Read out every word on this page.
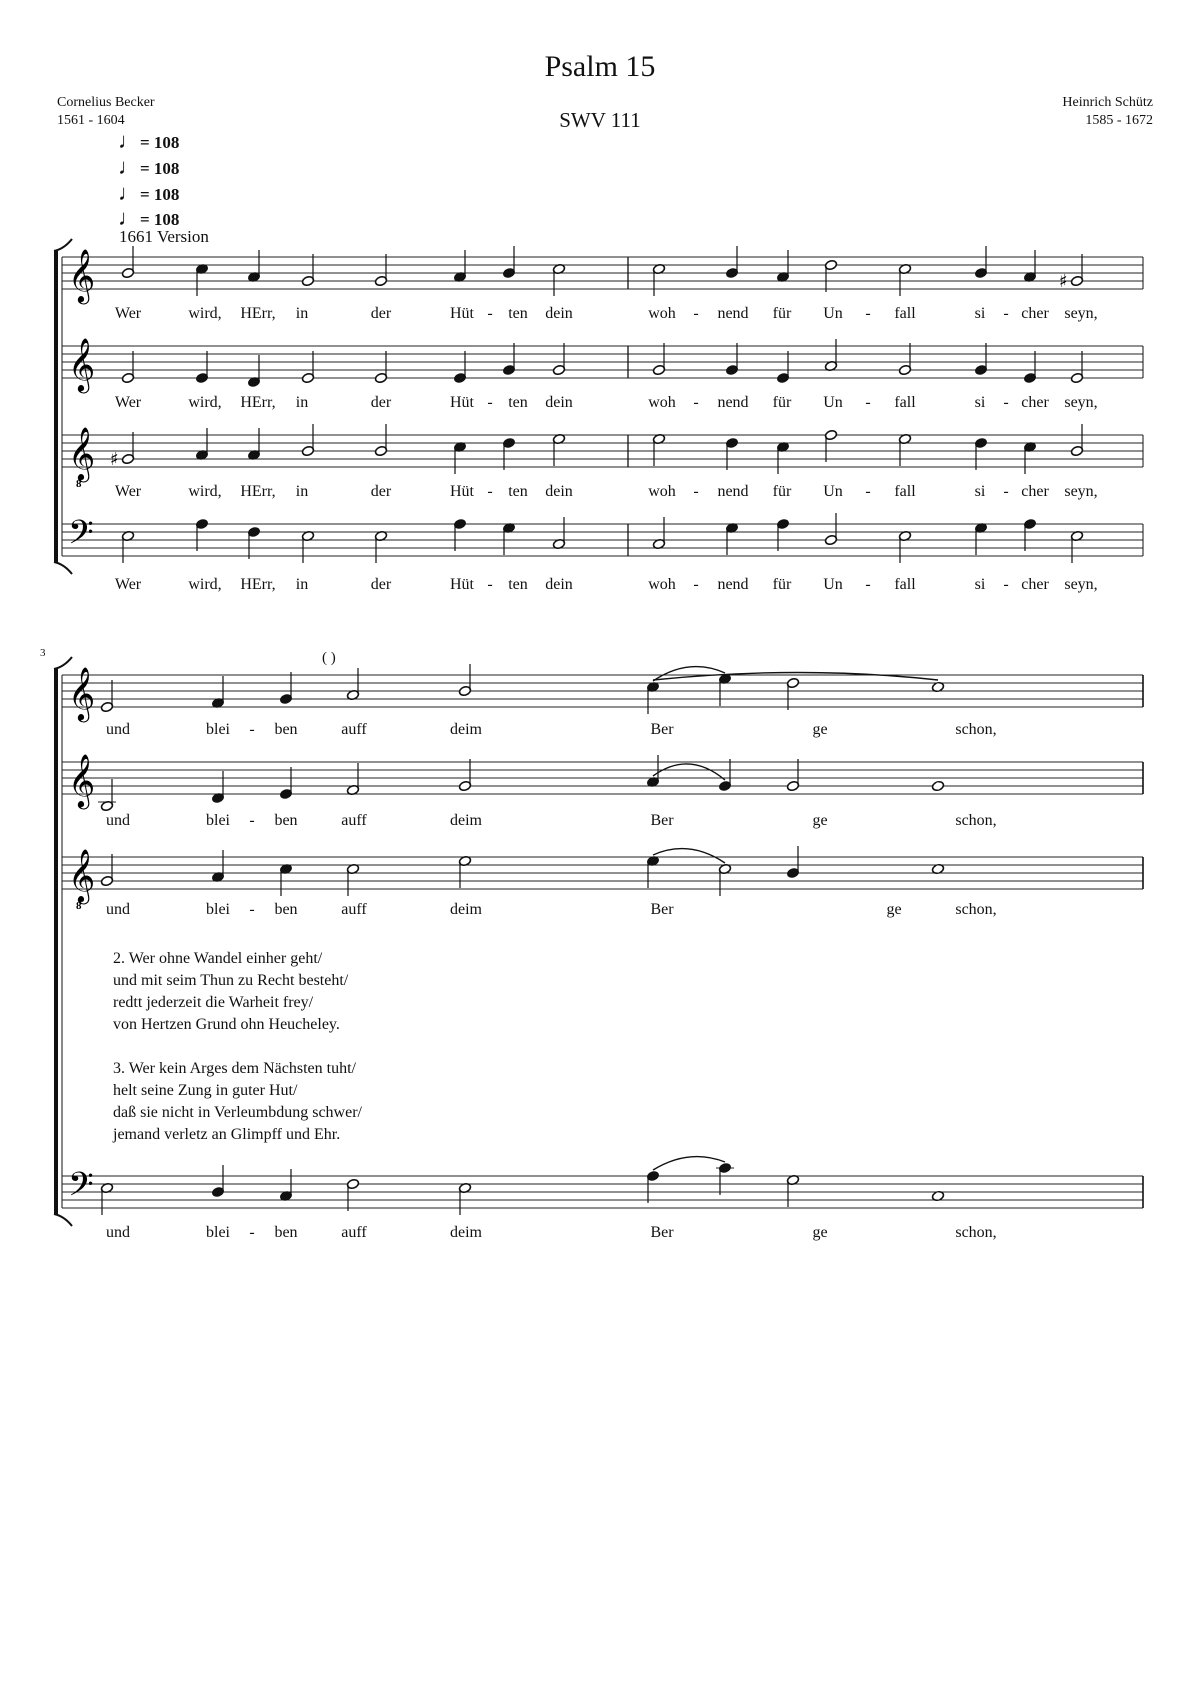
Psalm 15
SWV 111
Cornelius Becker
1561 - 1604
Heinrich Schütz
1585 - 1672
♩= 108
♩= 108
♩= 108
♩= 108
1661 Version
𝄞	♯
𝄞
𝄞
8
♯
𝄢
𝄞
𝄞
𝄞
8
𝄢
Wer	wird, HErr, in	der	Hüt - ten dein	woh - nend für Un - fall	si - cher seyn,
Wer	wird, HErr, in	der	Hüt - ten dein	woh - nend für Un - fall	si - cher seyn,
Wer	wird, HErr, in	der	Hüt - ten dein	woh - nend für Un - fall	si - cher seyn,
Wer	wird, HErr, in	der	Hüt - ten dein	woh - nend für Un - fall	si - cher seyn,
und	blei - ben	auff	deim	Ber	ge	schon,
und	blei - ben	auff	deim	Ber	ge	schon,
und	blei - ben	auff	deim	Ber	ge	schon,
und	blei - ben	auff	deim	Ber	ge	schon,
3	( )
2. Wer ohne Wandel einher geht/
und mit seim Thun zu Recht besteht/
redtt jederzeit die Warheit frey/
von Hertzen Grund ohn Heucheley.
3. Wer kein Arges dem Nächsten tuht/
helt seine Zung in guter Hut/
daß sie nicht in Verleumbdung schwer/
jemand verletz an Glimpff und Ehr.
